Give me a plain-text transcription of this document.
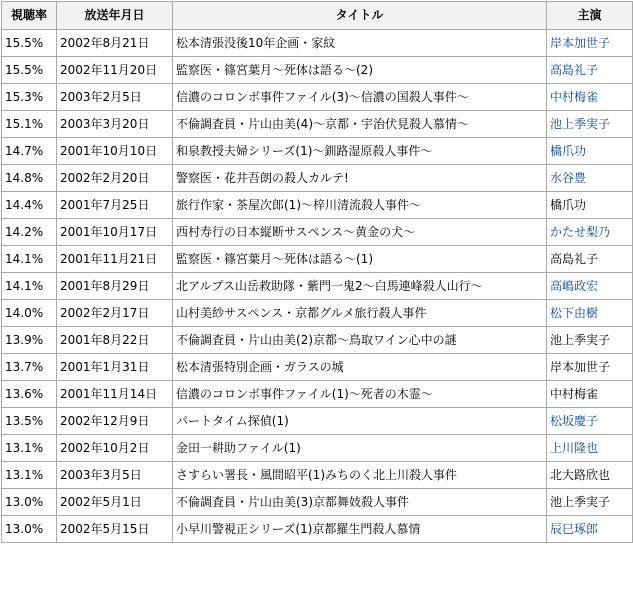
視聴率	放送年月日	タイトル	主演
15.5%	2002年8月21日	松本清張没後10年企画・家紋	岸本加世子
15.5%	2002年11月20日	監察医・篠宮葉月〜死体は語る〜(2)	高島礼子
15.3%	2003年2月5日	信濃のコロンボ事件ファイル(3)〜信濃の国殺人事件〜	中村梅雀
15.1%	2003年3月20日	不倫調査員・片山由美(4)〜京都・宇治伏見殺人慕情〜	池上季実子
14.7%	2001年10月10日	和泉教授夫婦シリーズ(1)〜釧路湿原殺人事件〜	橋爪功
14.8%	2002年2月20日	警察医・花井吾朗の殺人カルテ!	水谷豊
14.4%	2001年7月25日	旅行作家・茶屋次郎(1)〜梓川清流殺人事件〜	橋爪功
14.2%	2001年10月17日	西村寿行の日本縦断サスペンス〜黄金の犬〜	かたせ梨乃
14.1%	2001年11月21日	監察医・篠宮葉月〜死体は語る〜(1)	高島礼子
14.1%	2001年8月29日	北アルプス山岳救助隊・紫門一鬼2〜白馬連峰殺人山行〜	高嶋政宏
14.0%	2002年2月17日	山村美紗サスペンス・京都グルメ旅行殺人事件	松下由樹
13.9%	2001年8月22日	不倫調査員・片山由美(2)京都〜鳥取ワイン心中の謎	池上季実子
13.7%	2001年1月31日	松本清張特別企画・ガラスの城	岸本加世子
13.6%	2001年11月14日	信濃のコロンボ事件ファイル(1)〜死者の木霊〜	中村梅雀
13.5%	2002年12月9日	パートタイム探偵(1)	松坂慶子
13.1%	2002年10月2日	金田一耕助ファイル(1)	上川隆也
13.1%	2003年3月5日	さすらい署長・風間昭平(1)みちのく北上川殺人事件	北大路欣也
13.0%	2002年5月1日	不倫調査員・片山由美(3)京都舞妓殺人事件	池上季実子
13.0%	2002年5月15日	小早川警視正シリーズ(1)京都羅生門殺人慕情	辰巳琢郎
